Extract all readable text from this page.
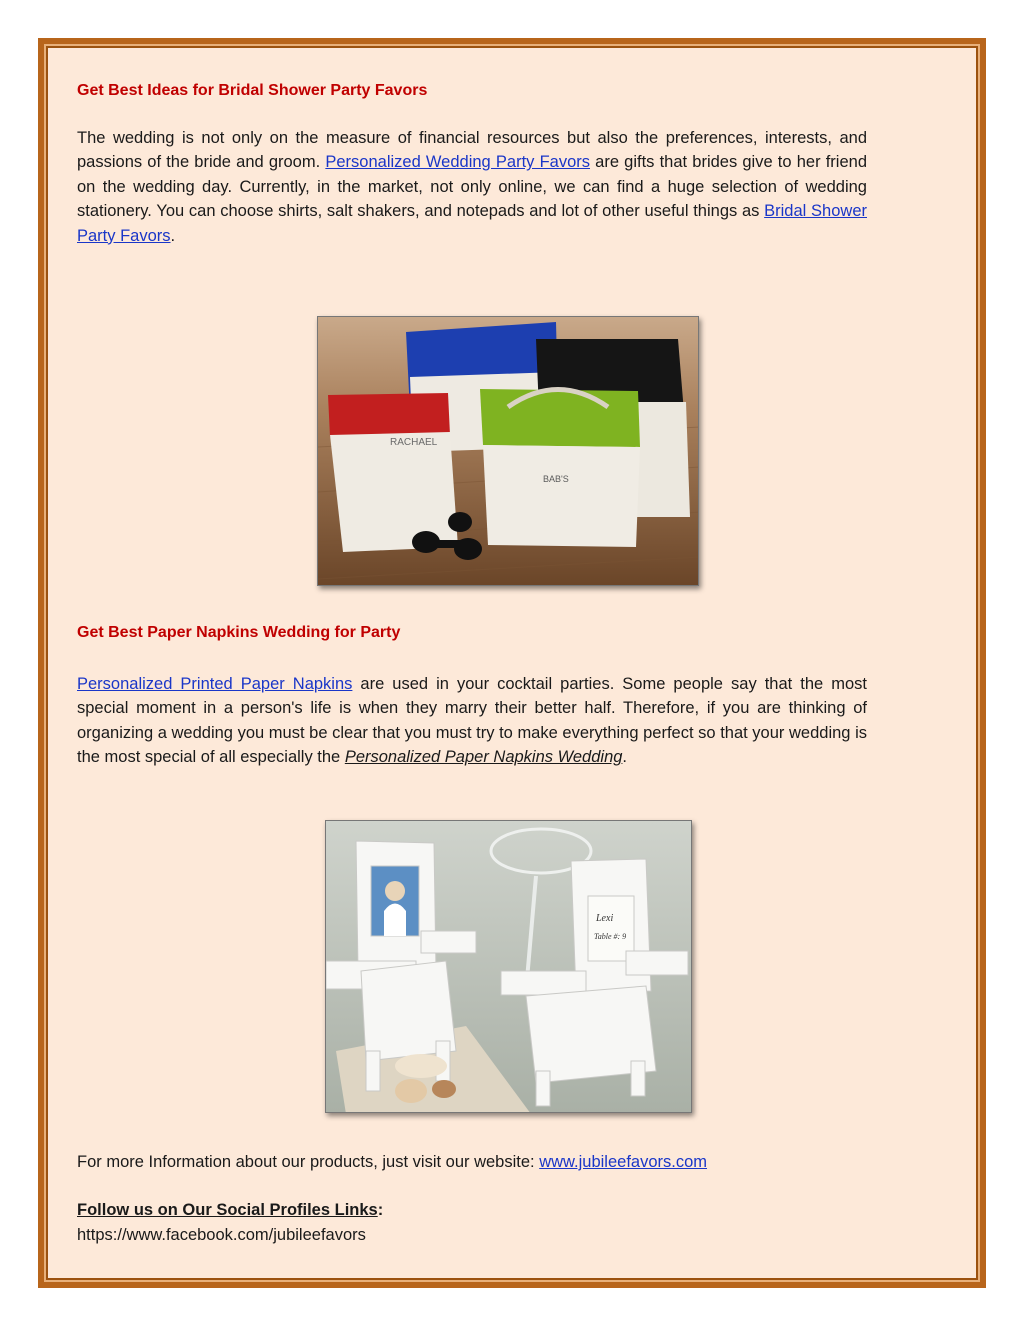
Get Best Ideas for Bridal Shower Party Favors

The wedding is not only on the measure of financial resources but also the preferences, interests, and passions of the bride and groom. Personalized Wedding Party Favors are gifts that brides give to her friend on the wedding day. Currently, in the market, not only online, we can find a huge selection of wedding stationery. You can choose shirts, salt shakers, and notepads and lot of other useful things as Bridal Shower Party Favors.

RACHAEL
BAB'S
Get Best Paper Napkins Wedding for Party

Personalized Printed Paper Napkins are used in your cocktail parties. Some people say that the most special moment in a person's life is when they marry their better half. Therefore, if you are thinking of organizing a wedding you must be clear that you must try to make everything perfect so that your wedding is the most special of all especially the Personalized Paper Napkins Wedding.

Lexi
Table #: 9

For more Information about our products, just visit our website: www.jubileefavors.com

Follow us on Our Social Profiles Links:

https://www.facebook.com/jubileefavors
